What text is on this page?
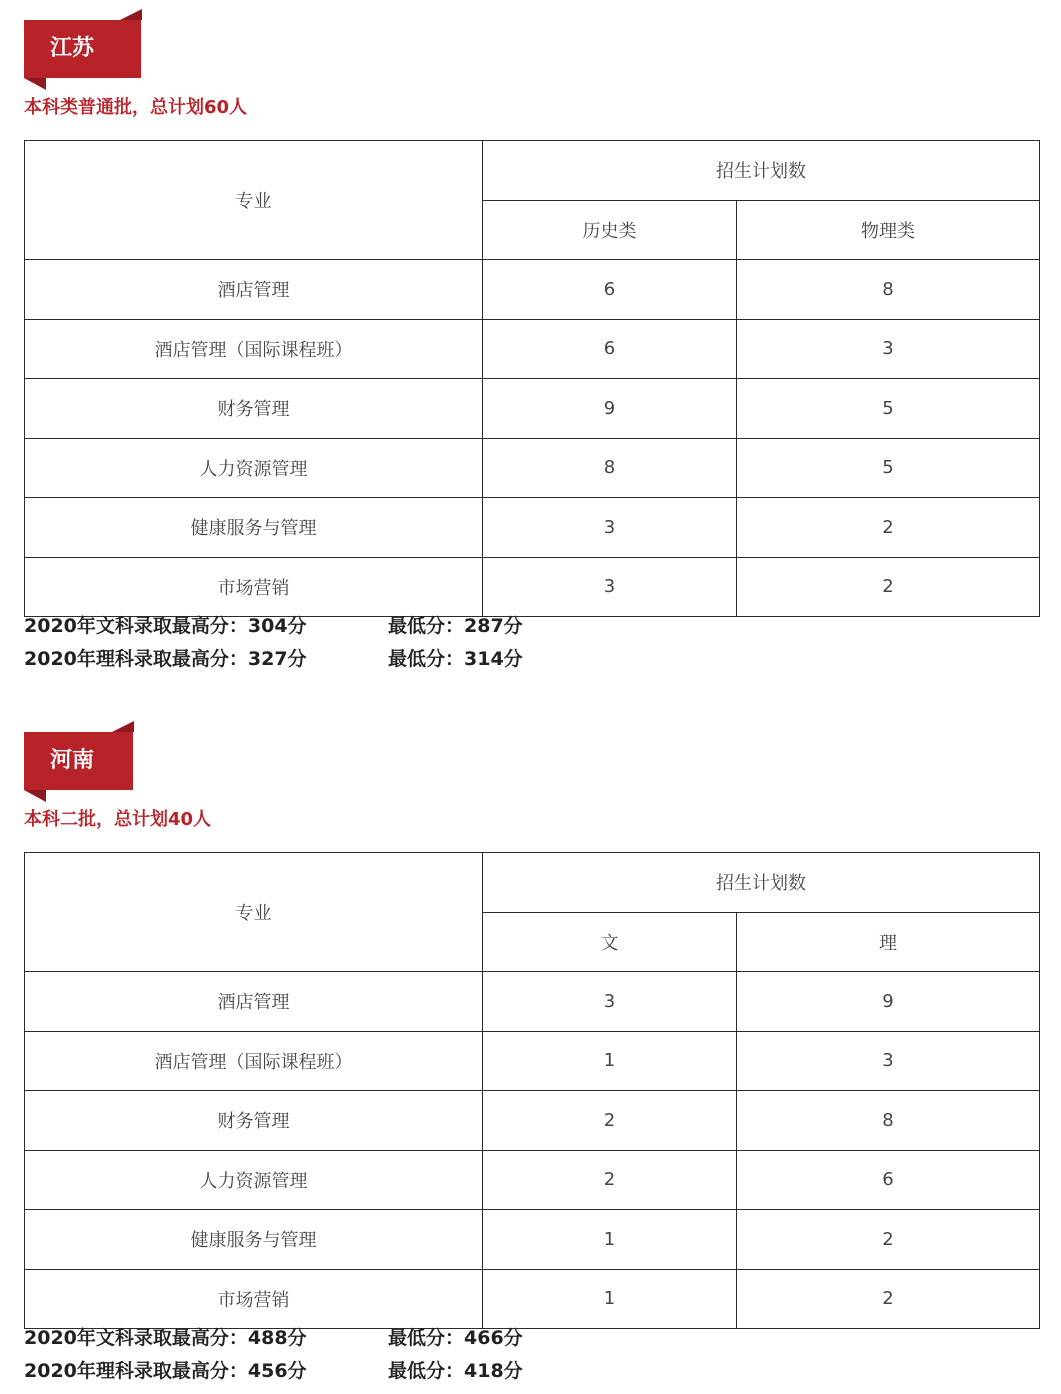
江苏
本科类普通批，总计划60人
专业	招生计划数	
	历史类	物理类
酒店管理	6	8
酒店管理（国际课程班）	6	3
财务管理	9	5
人力资源管理	8	5
健康服务与管理	3	2
市场营销	3	2
2020年文科录取最高分：304分	最低分：287分
2020年理科录取最高分：327分	最低分：314分
河南
本科二批，总计划40人
专业	招生计划数	
	文	理
酒店管理	3	9
酒店管理（国际课程班）	1	3
财务管理	2	8
人力资源管理	2	6
健康服务与管理	1	2
市场营销	1	2
2020年文科录取最高分：488分	最低分：466分
2020年理科录取最高分：456分	最低分：418分
